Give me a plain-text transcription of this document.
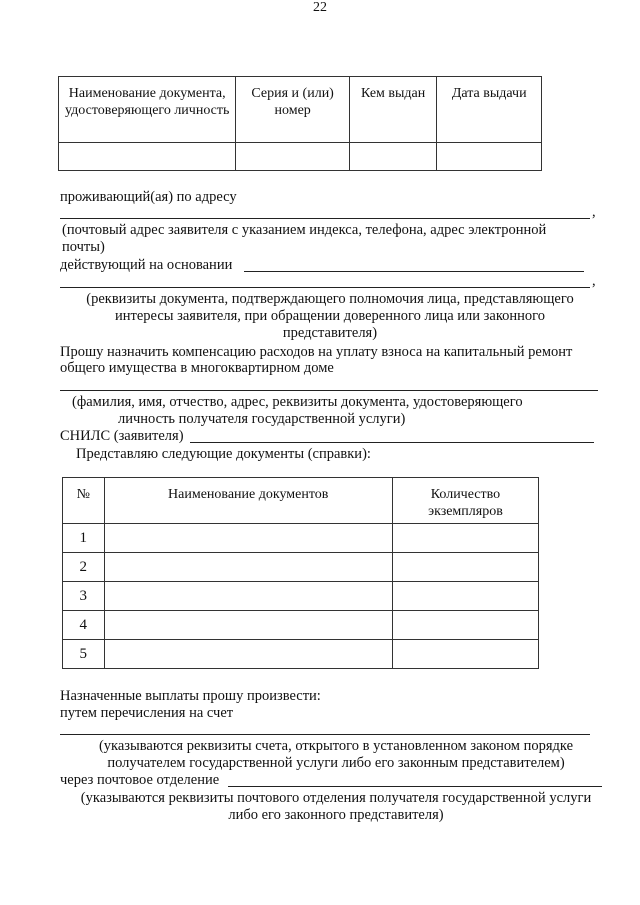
22
Наименование документа, удостоверяющего личность	Серия и (или) номер	Кем выдан	Дата выдачи

проживающий(ая) по адресу
,
(почтовый адрес заявителя с указанием индекса, телефона, адрес электронной
почты)
действующий на основании
,
(реквизиты документа, подтверждающего полномочия лица, представляющего интересы заявителя, при обращении доверенного лица или законного представителя)
Прошу назначить компенсацию расходов на уплату взноса на капитальный ремонт
общего имущества в многоквартирном доме
(фамилия, имя, отчество, адрес, реквизиты документа, удостоверяющего
личность получателя государственной услуги)
СНИЛС (заявителя)
Представляю следующие документы (справки):
№	Наименование документов	Количество экземпляров
1		
2		
3		
4		
5		
Назначенные выплаты прошу произвести:
путем перечисления на счет
(указываются реквизиты счета, открытого в установленном законом порядке получателем государственной услуги либо его законным представителем)
через почтовое отделение
(указываются реквизиты почтового отделения получателя государственной услуги либо его законного представителя)
